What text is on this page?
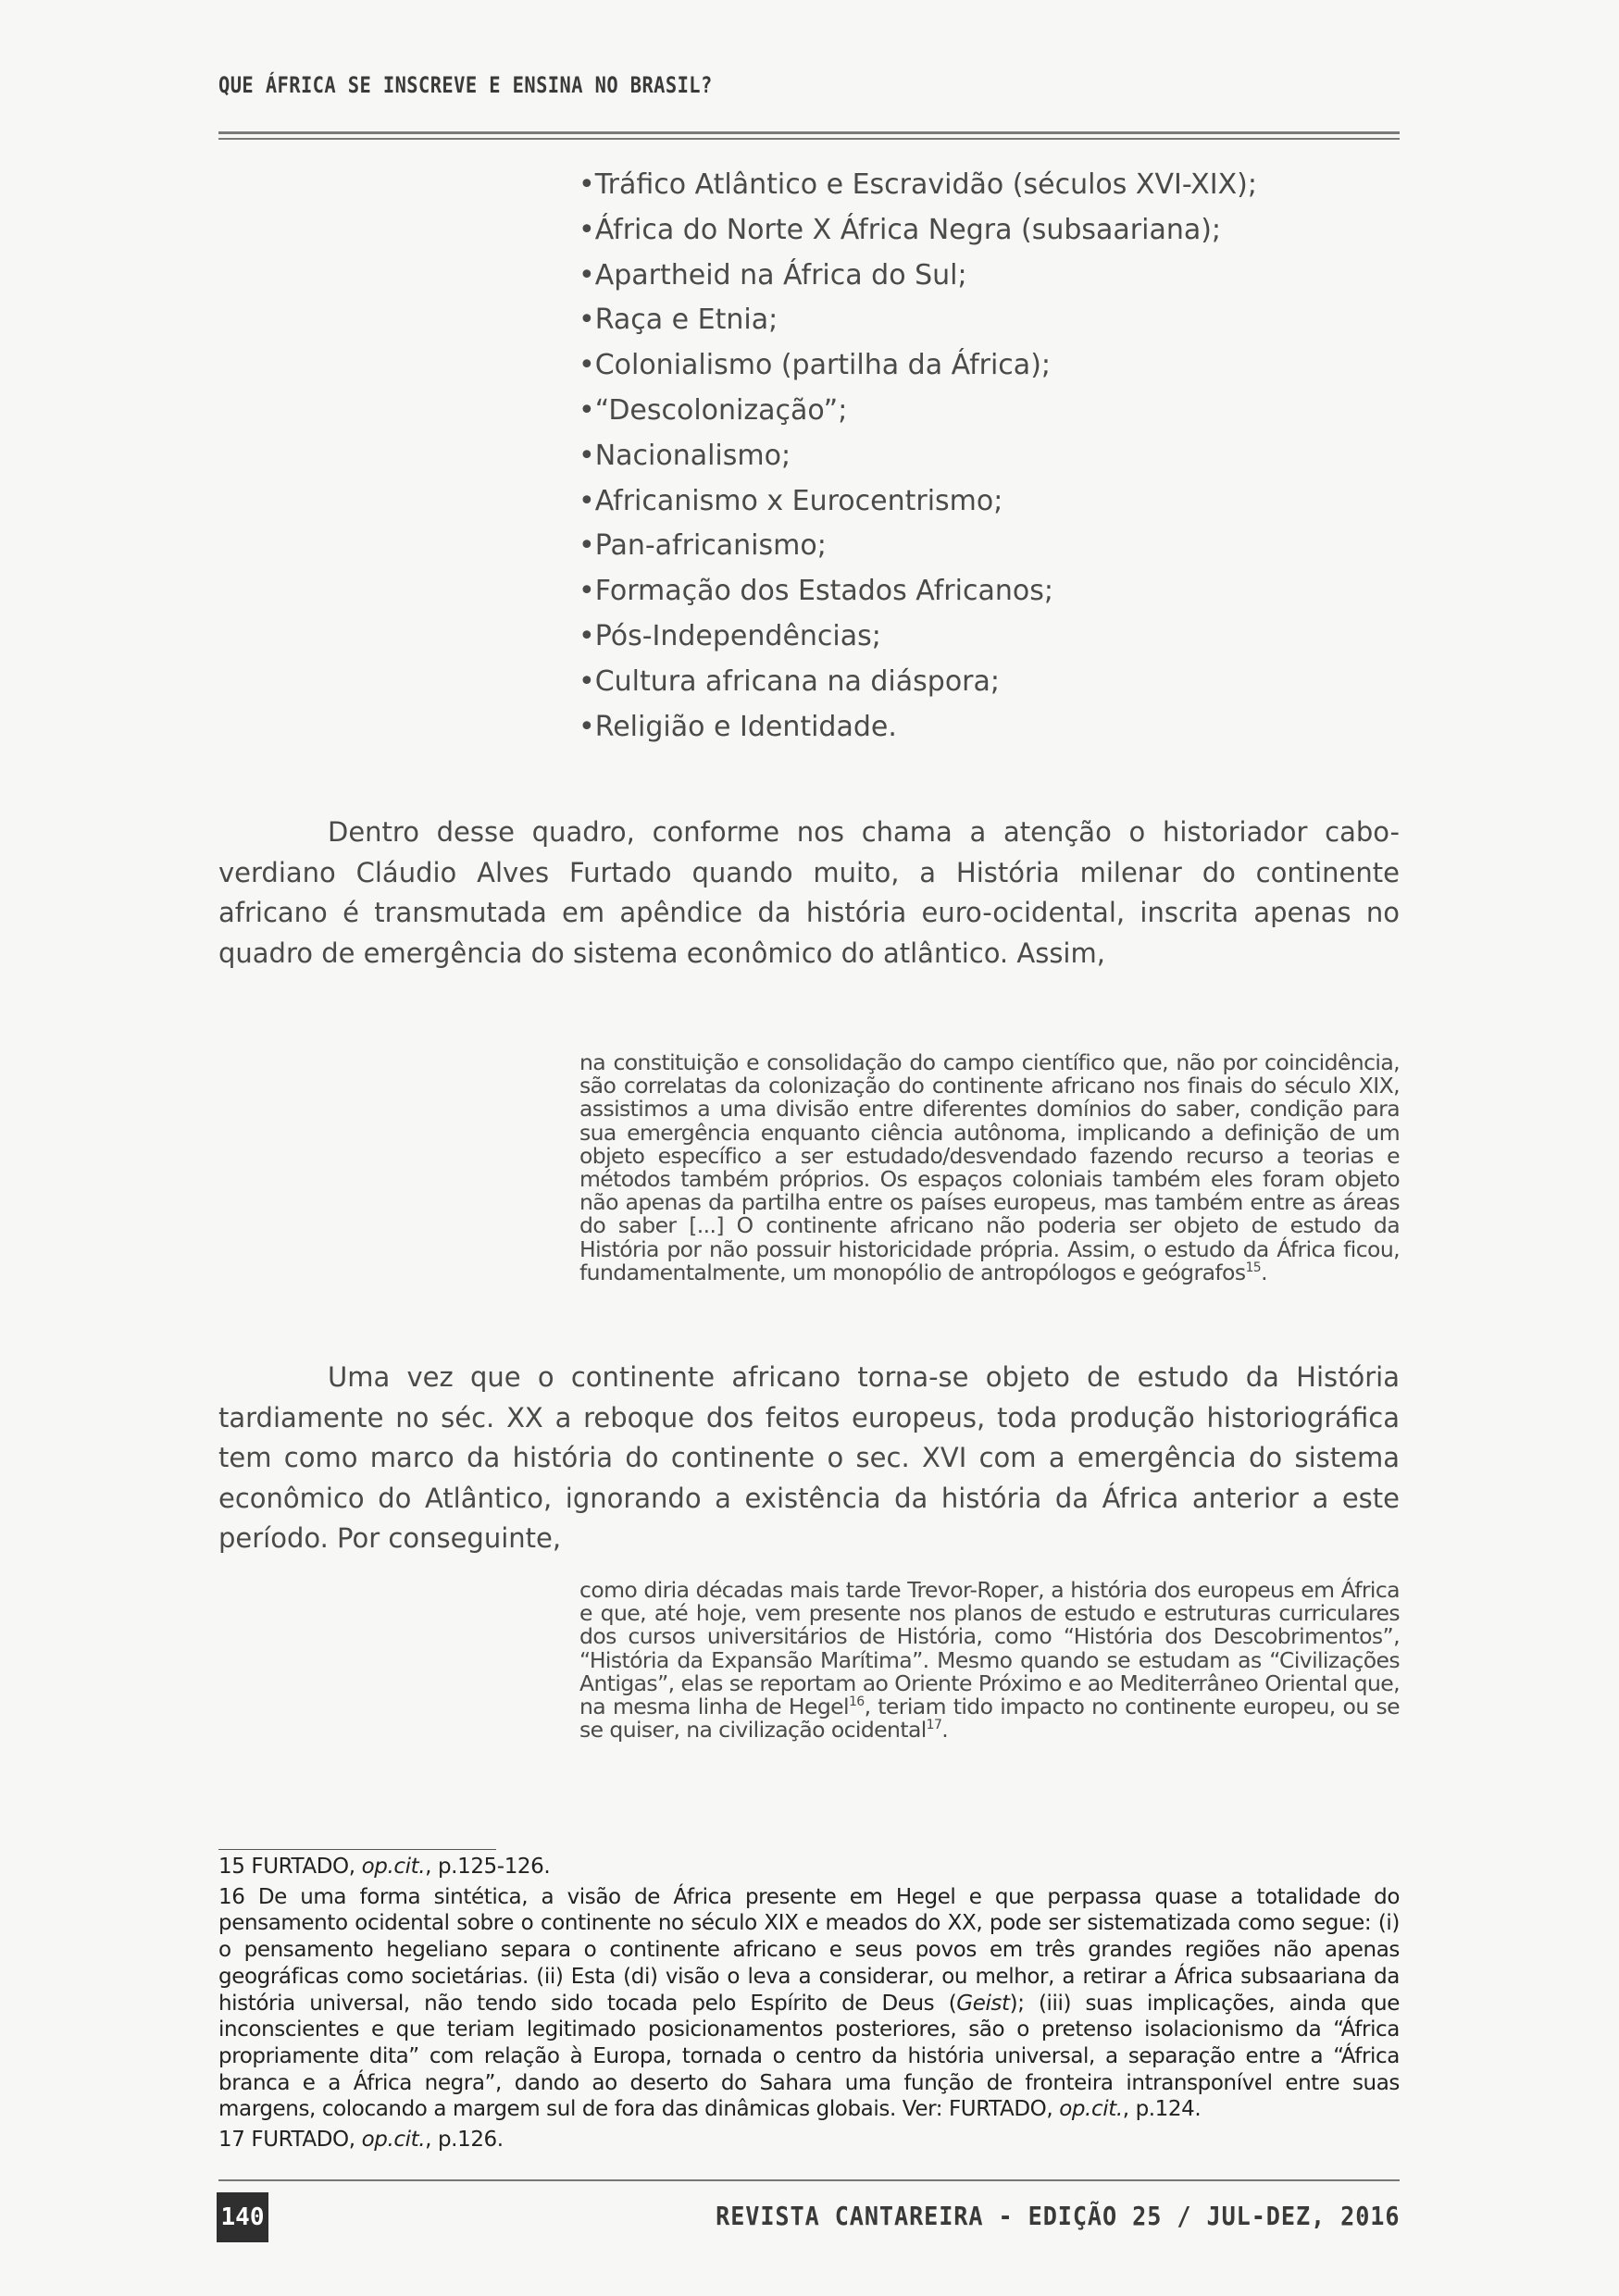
QUE ÁFRICA SE INSCREVE E ENSINA NO BRASIL?
•Tráfico Atlântico e Escravidão (séculos XVI-XIX);
•África do Norte X África Negra (subsaariana);
•Apartheid na África do Sul;
•Raça e Etnia;
•Colonialismo (partilha da África);
•“Descolonização”;
•Nacionalismo;
•Africanismo x Eurocentrismo;
•Pan-africanismo;
•Formação dos Estados Africanos;
•Pós-Independências;
•Cultura africana na diáspora;
•Religião e Identidade.

Dentro desse quadro, conforme nos chama a atenção o historiador cabo-verdiano Cláudio Alves Furtado quando muito, a História milenar do continente africano é transmutada em apêndice da história euro-ocidental, inscrita apenas no quadro de emergência do sistema econômico do atlântico. Assim,

na constituição e consolidação do campo científico que, não por coincidência, são correlatas da colonização do continente africano nos finais do século XIX, assistimos a uma divisão entre diferentes domínios do saber, condição para sua emergência enquanto ciência autônoma, implicando a definição de um objeto específico a ser estudado/desvendado fazendo recurso a teorias e métodos também próprios. Os espaços coloniais também eles foram objeto não apenas da partilha entre os países europeus, mas também entre as áreas do saber [...] O continente africano não poderia ser objeto de estudo da História por não possuir historicidade própria. Assim, o estudo da África ficou, fundamentalmente, um monopólio de antropólogos e geógrafos$^{15}$.

Uma vez que o continente africano torna-se objeto de estudo da História tardiamente no séc. XX a reboque dos feitos europeus, toda produção historiográfica tem como marco da história do continente o sec. XVI com a emergência do sistema econômico do Atlântico, ignorando a existência da história da África anterior a este período. Por conseguinte,

como diria décadas mais tarde Trevor-Roper, a história dos europeus em África e que, até hoje, vem presente nos planos de estudo e estruturas curriculares dos cursos universitários de História, como “História dos Descobrimentos”, “História da Expansão Marítima”. Mesmo quando se estudam as “Civilizações Antigas”, elas se reportam ao Oriente Próximo e ao Mediterrâneo Oriental que, na mesma linha de Hegel$^{16}$, teriam tido impacto no continente europeu, ou se se quiser, na civilização ocidental$^{17}$.

15 FURTADO, op.cit., p.125-126.

16 De uma forma sintética, a visão de África presente em Hegel e que perpassa quase a totalidade do pensamento ocidental sobre o continente no século XIX e meados do XX, pode ser sistematizada como segue: (i) o pensamento hegeliano separa o continente africano e seus povos em três grandes regiões não apenas geográficas como societárias. (ii) Esta (di) visão o leva a considerar, ou melhor, a retirar a África subsaariana da história universal, não tendo sido tocada pelo Espírito de Deus (Geist); (iii) suas implicações, ainda que inconscientes e que teriam legitimado posicionamentos posteriores, são o pretenso isolacionismo da “África propriamente dita” com relação à Europa, tornada o centro da história universal, a separação entre a “África branca e a África negra”, dando ao deserto do Sahara uma função de fronteira intransponível entre suas margens, colocando a margem sul de fora das dinâmicas globais. Ver: FURTADO, op.cit., p.124.

17 FURTADO, op.cit., p.126.

140	REVISTA CANTAREIRA - EDIÇÃO 25 / JUL-DEZ, 2016
